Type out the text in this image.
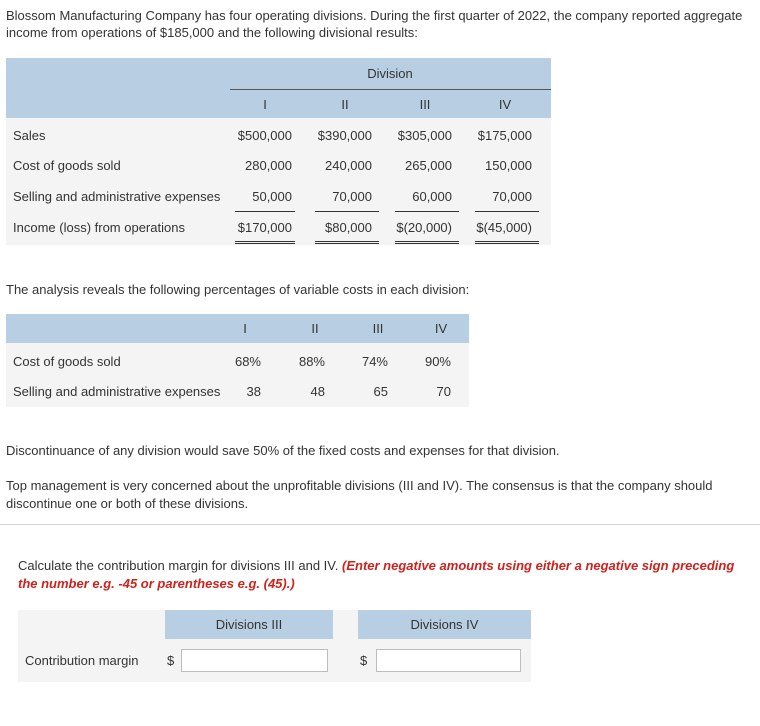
Blossom Manufacturing Company has four operating divisions. During the first quarter of 2022, the company reported aggregate income from operations of $185,000 and the following divisional results:
Division
I	II	III	IV
Sales	$500,000	$390,000	$305,000	$175,000
Cost of goods sold	280,000	240,000	265,000	150,000
Selling and administrative expenses	50,000	70,000	60,000	70,000
Income (loss) from operations	$170,000	$80,000	$(20,000)	$(45,000)
The analysis reveals the following percentages of variable costs in each division:
I	II	III	IV
Cost of goods sold	68%	88%	74%	90%
Selling and administrative expenses	38	48	65	70
Discontinuance of any division would save 50% of the fixed costs and expenses for that division.
Top management is very concerned about the unprofitable divisions (III and IV). The consensus is that the company should discontinue one or both of these divisions.
Calculate the contribution margin for divisions III and IV. (Enter negative amounts using either a negative sign preceding the number e.g. -45 or parentheses e.g. (45).)
Divisions III	Divisions IV
Contribution margin $	$
